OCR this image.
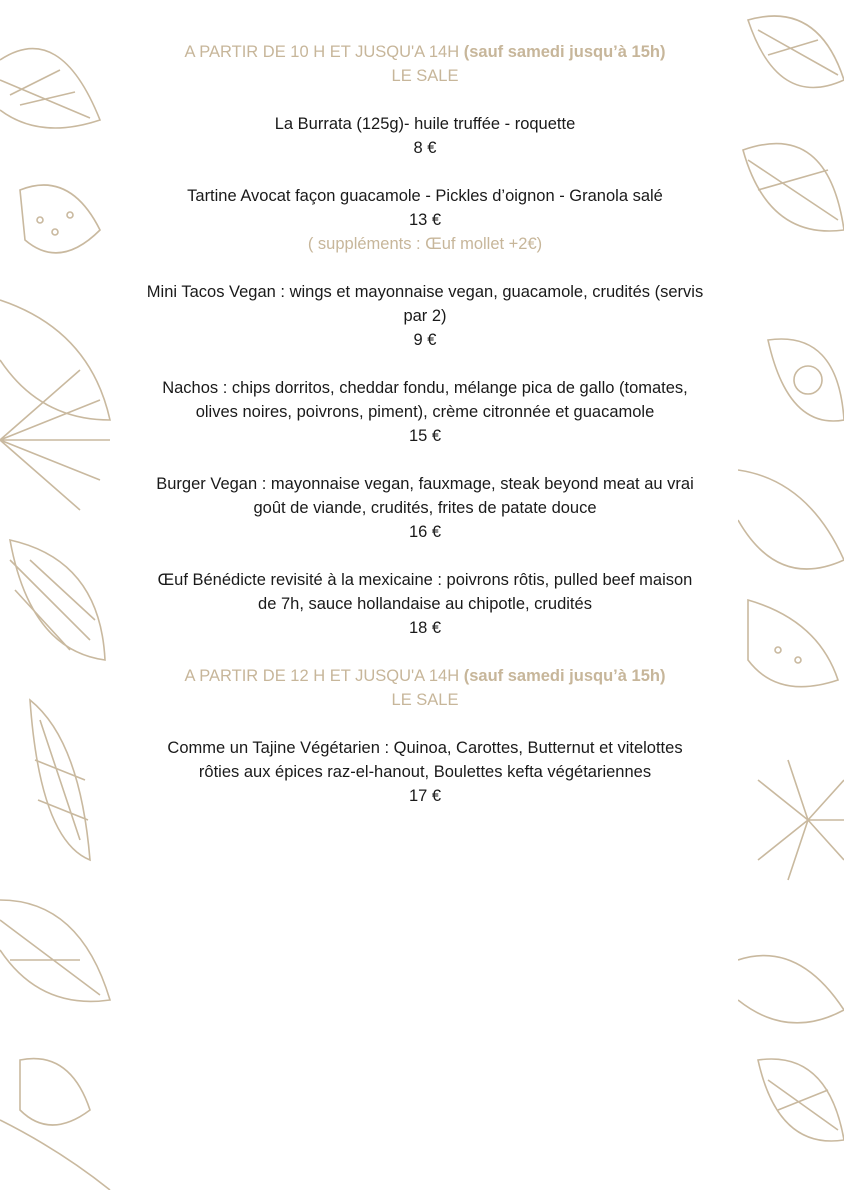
A PARTIR DE 10 H ET JUSQU'A 14H (sauf samedi jusqu’à 15h)

LE SALE

La Burrata (125g)- huile truffée - roquette

8 €

Tartine Avocat façon guacamole - Pickles d’oignon - Granola salé

13 €

( suppléments : Œuf mollet +2€)

Mini Tacos Vegan : wings et mayonnaise vegan, guacamole, crudités (servis

par 2)

9 €

Nachos : chips dorritos, cheddar fondu, mélange pica de gallo (tomates,

olives noires, poivrons, piment), crème citronnée et guacamole

15 €

Burger Vegan : mayonnaise vegan, fauxmage, steak beyond meat au vrai

goût de viande, crudités, frites de patate douce

16 €

Œuf Bénédicte revisité à la mexicaine : poivrons rôtis, pulled beef maison

de 7h, sauce hollandaise au chipotle, crudités

18 €

A PARTIR DE 12 H ET JUSQU'A 14H (sauf samedi jusqu’à 15h)

LE SALE

Comme un Tajine Végétarien : Quinoa, Carottes, Butternut et vitelottes

rôties aux épices raz-el-hanout, Boulettes kefta végétariennes

17 €
